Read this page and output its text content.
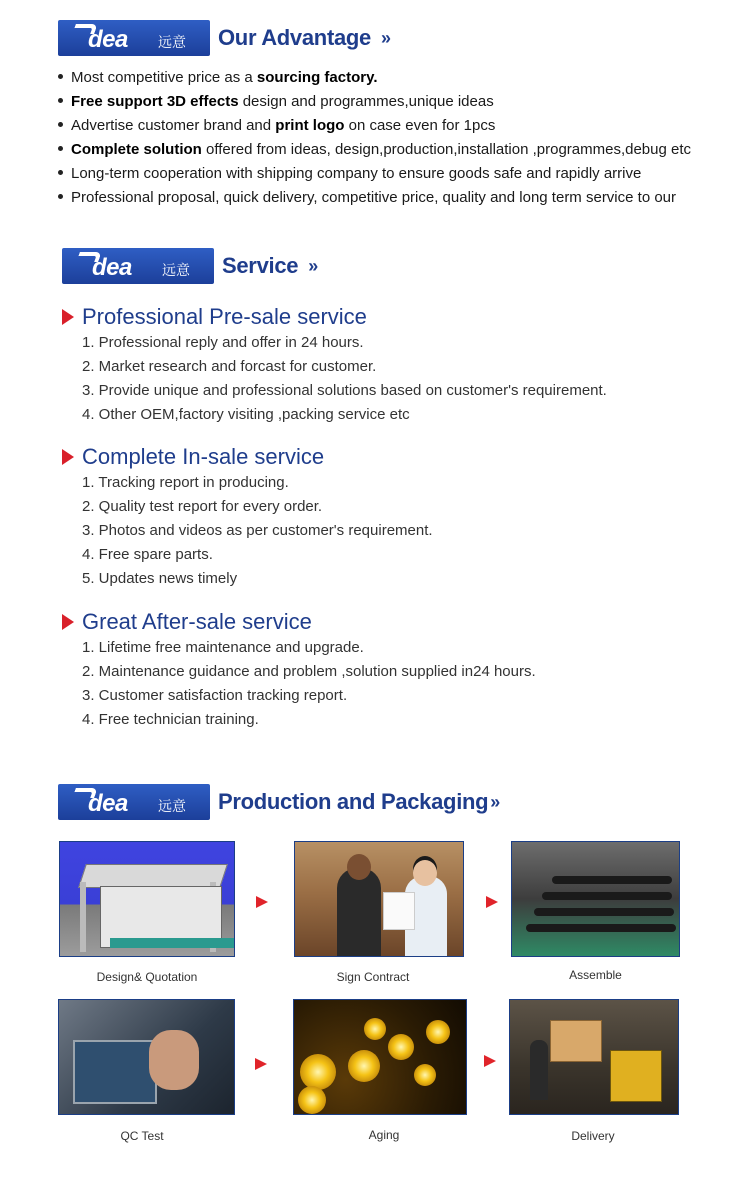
dea 远意 Our Advantage »
Most competitive price as a sourcing factory.
Free support 3D effects design and programmes,unique ideas
Advertise customer brand and print logo on case even for 1pcs
Complete solution offered from ideas, design,production,installation ,programmes,debug etc
Long-term cooperation with shipping company to ensure goods safe and rapidly arrive
Professional proposal, quick delivery, competitive price, quality and long term service to our
dea 远意 Service »
Professional Pre-sale service
1. Professional reply and offer in 24 hours.
2. Market research and forcast for customer.
3. Provide unique and professional solutions based on customer's requirement.
4. Other OEM,factory visiting ,packing service etc
Complete In-sale service
1. Tracking report in producing.
2. Quality test report for every order.
3. Photos and videos as per customer's requirement.
4. Free spare parts.
5. Updates news timely
Great After-sale service
1. Lifetime free maintenance and upgrade.
2. Maintenance guidance and problem ,solution supplied in24 hours.
3. Customer satisfaction tracking report.
4. Free technician training.
dea 远意 Production and Packaging »
Design& Quotation	Sign Contract	Assemble
QC Test	Aging	Delivery
